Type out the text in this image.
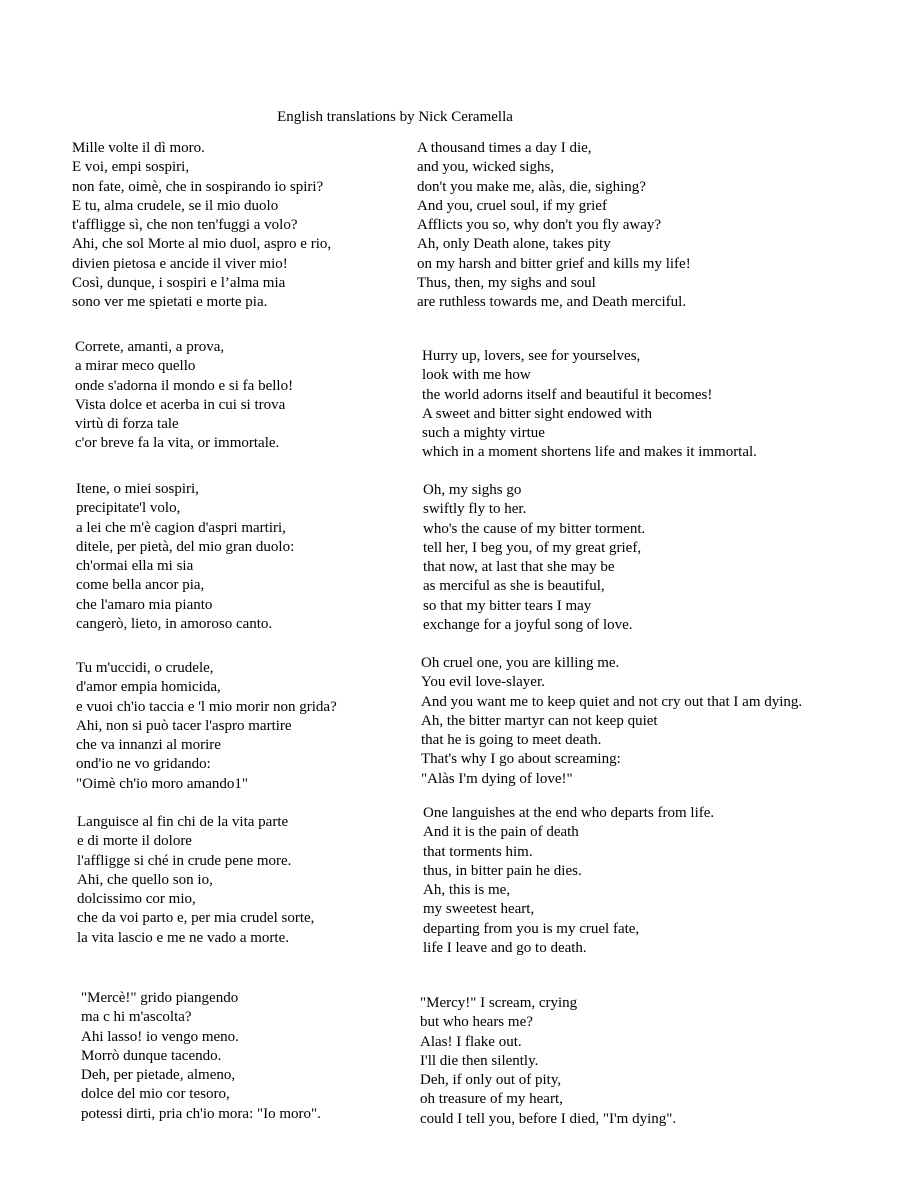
English translations by Nick Ceramella
Mille volte il dì moro.
E voi, empi sospiri,
non fate, oimè, che in sospirando io spiri?
E tu, alma crudele, se il mio duolo
t'affligge sì, che non ten'fuggi a volo?
Ahi, che sol Morte al mio duol, aspro e rio,
divien pietosa e ancide il viver mio!
Così, dunque, i sospiri e l’alma mia
sono ver me spietati e morte pia.
Correte, amanti, a prova,
a mirar meco quello
onde s'adorna il mondo e si fa bello!
Vista dolce et acerba in cui si trova
virtù di forza tale
c'or breve fa la vita, or immortale.
Itene, o miei sospiri,
precipitate'l volo,
a lei che m'è cagion d'aspri martiri,
ditele, per pietà, del mio gran duolo:
ch'ormai ella mi sia
come bella ancor pia,
che l'amaro mia pianto
cangerò, lieto, in amoroso canto.
Tu m'uccidi, o crudele,
d'amor empia homicida,
e vuoi ch'io taccia e 'l mio morir non grida?
Ahi, non si può tacer l'aspro martire
che va innanzi al morire
ond'io ne vo gridando:
"Oimè ch'io moro amando1"
Languisce al fin chi de la vita parte
e di morte il dolore
l'affligge si ché in crude pene more.
Ahi, che quello son io,
dolcissimo cor mio,
che da voi parto e, per mia crudel sorte,
la vita lascio e me ne vado a morte.
"Mercè!" grido piangendo
ma c hi m'ascolta?
Ahi lasso! io vengo meno.
Morrò dunque tacendo.
Deh, per pietade, almeno,
dolce del mio cor tesoro,
potessi dirti, pria ch'io mora: "Io moro".
A thousand times a day I die,
and you, wicked sighs,
don't you make me, alàs, die, sighing?
And you, cruel soul, if my grief
Afflicts you so, why don't you fly away?
Ah, only Death alone, takes pity
on my harsh and bitter grief and kills my life!
Thus, then, my sighs and soul
are ruthless towards me, and Death merciful.
Hurry up, lovers, see for yourselves,
look with me how
the world adorns itself and beautiful it becomes!
A sweet and bitter sight endowed with
such a mighty virtue
which in a moment shortens life and makes it immortal.
Oh, my sighs go
swiftly fly to her.
who's the cause of my bitter torment.
tell her, I beg you, of my great grief,
that now, at last that she may be
as merciful as she is beautiful,
so that my bitter tears I may
exchange for a joyful song of love.
Oh cruel one, you are killing me.
You evil love-slayer.
And you want me to keep quiet and not cry out that I am dying.
Ah, the bitter martyr can not keep quiet
that he is going to meet death.
That's why I go about screaming:
"Alàs I'm dying of love!"
One languishes at the end who departs from life.
And it is the pain of death
that torments him.
thus, in bitter pain he dies.
Ah, this is me,
my sweetest heart,
departing from you is my cruel fate,
life I leave and go to death.
"Mercy!" I scream, crying
but who hears me?
Alas! I flake out.
I'll die then silently.
Deh, if only out of pity,
oh treasure of my heart,
could I tell you, before I died, "I'm dying".
